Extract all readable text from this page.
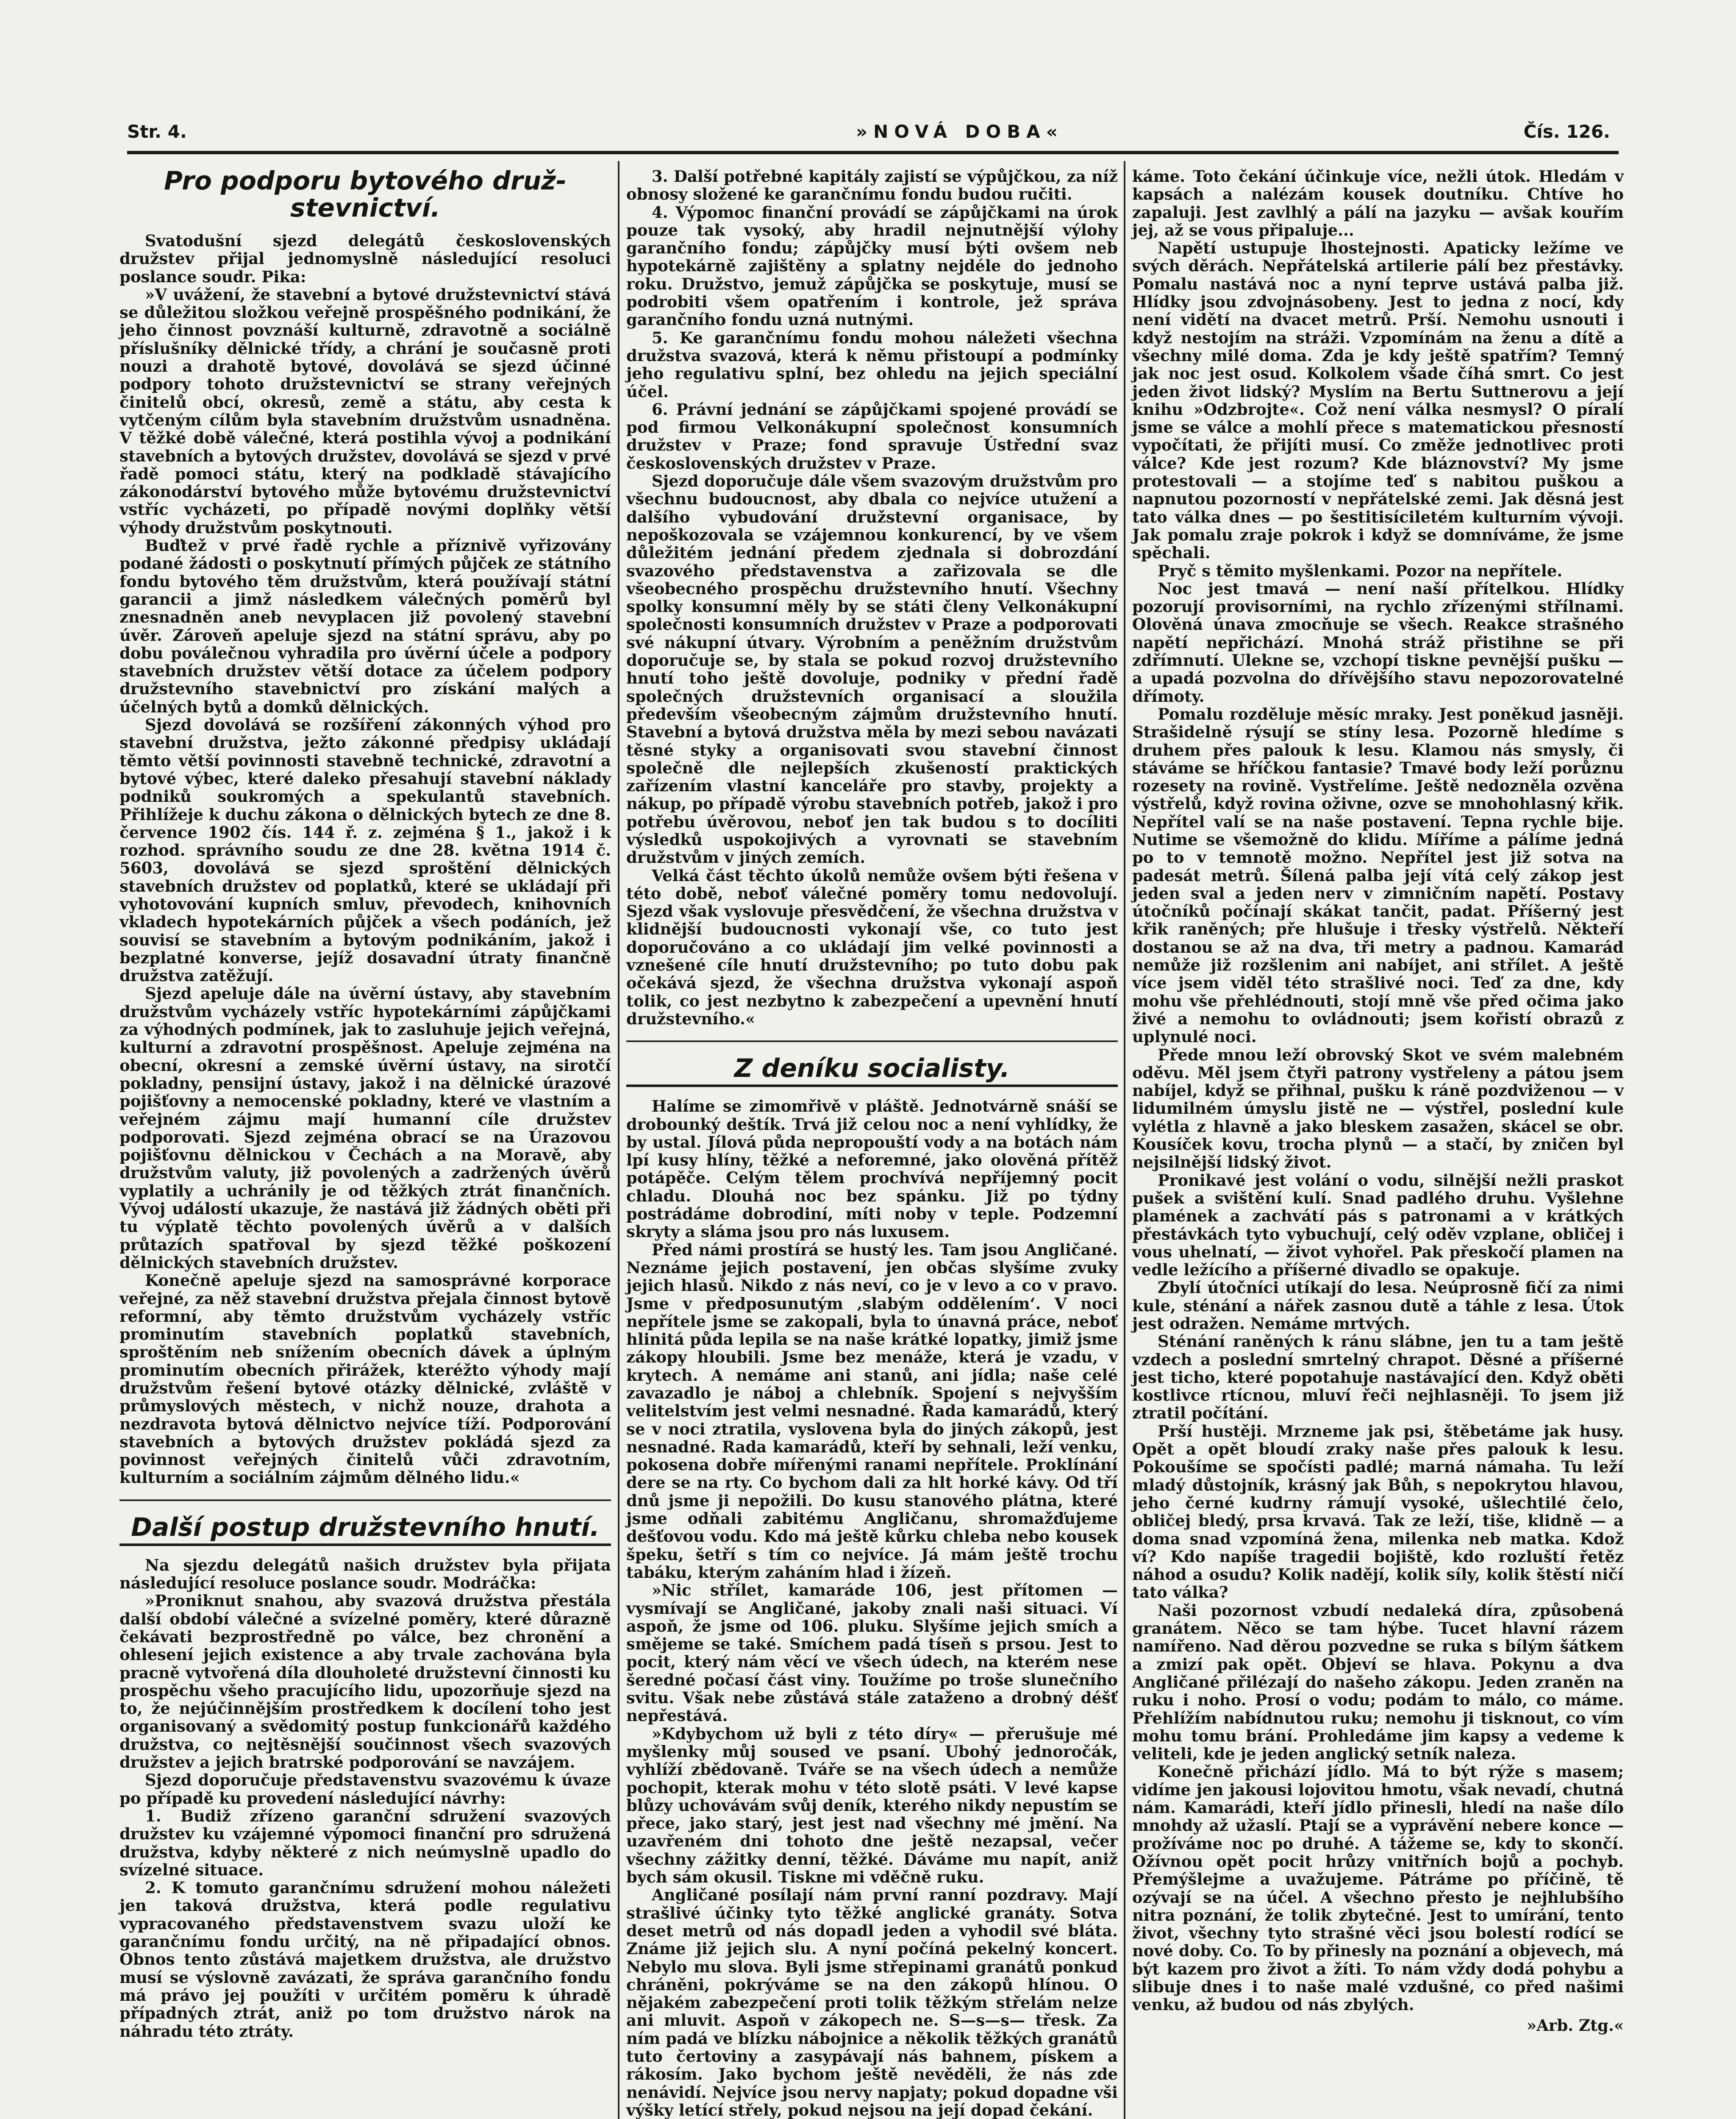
Str. 4.	»NOVÁ DOBA«	Čís. 126.
Pro podporu bytového druž-stevnictví.

Svatodušní sjezd delegátů československých družstev přijal jednomyslně následující resoluci poslance soudr. Pika:

»V uvážení, že stavební a bytové družstevnictví stává se důležitou složkou veřejně prospěšného podnikání, že jeho činnost povznáší kulturně, zdravotně a sociálně příslušníky dělnické třídy, a chrání je současně proti nouzi a drahotě bytové, dovolává se sjezd účinné podpory tohoto družstevnictví se strany veřejných činitelů obcí, okresů, země a státu, aby cesta k vytčeným cílům byla stavebním družstvům usnadněna. V těžké době válečné, která postihla vývoj a podnikání stavebních a bytových družstev, dovolává se sjezd v prvé řadě pomoci státu, který na podkladě stávajícího zákonodárství bytového může bytovému družstevnictví vstříc vycházeti, po případě novými doplňky větší výhody družstvům poskytnouti.

Buďtež v prvé řadě rychle a příznivě vyřizovány podané žádosti o poskytnutí přímých půjček ze státního fondu bytového těm družstvům, která používají státní garancii a jimž následkem válečných poměrů byl znesnadněn aneb nevyplacen již povolený stavební úvěr. Zároveň apeluje sjezd na státní správu, aby po dobu poválečnou vyhradila pro úvěrní účele a podpory stavebních družstev větší dotace za účelem podpory družstevního stavebnictví pro získání malých a účelných bytů a domků dělnických.

Sjezd dovolává se rozšíření zákonných výhod pro stavební družstva, ježto zákonné předpisy ukládají těmto větší povinnosti stavebně technické, zdravotní a bytové výbec, které daleko přesahují stavební náklady podniků soukromých a spekulantů stavebních. Přihlížeje k duchu zákona o dělnických bytech ze dne 8. července 1902 čís. 144 ř. z. zejména § 1., jakož i k rozhod. správního soudu ze dne 28. května 1914 č. 5603, dovolává se sjezd sproštění dělnických stavebních družstev od poplatků, které se ukládají při vyhotovování kupních smluv, převodech, knihovních vkladech hypotekárních půjček a všech podáních, jež souvisí se stavebním a bytovým podnikáním, jakož i bezplatné konverse, jejíž dosavadní útraty finančně družstva zatěžují.

Sjezd apeluje dále na úvěrní ústavy, aby stavebním družstvům vycházely vstříc hypotekárními zápůjčkami za výhodných podmínek, jak to zasluhuje jejich veřejná, kulturní a zdravotní prospěšnost. Apeluje zejména na obecní, okresní a zemské úvěrní ústavy, na sirotčí pokladny, pensijní ústavy, jakož i na dělnické úrazové pojišťovny a nemocenské pokladny, které ve vlastním a veřejném zájmu mají humanní cíle družstev podporovati. Sjezd zejména obrací se na Úrazovou pojišťovnu dělnickou v Čechách a na Moravě, aby družstvům valuty, již povolených a zadržených úvěrů vyplatily a uchránily je od těžkých ztrát finančních. Vývoj událostí ukazuje, že nastává již žádných oběti při tu výplatě těchto povolených úvěrů a v dalších průtazích spatřoval by sjezd těžké poškození dělnických stavebních družstev.

Konečně apeluje sjezd na samosprávné korporace veřejné, za něž stavební družstva přejala činnost bytově reformní, aby těmto družstvům vycházely vstříc prominutím stavebních poplatků stavebních, sproštěním neb snížením obecních dávek a úplným prominutím obecních přirážek, kteréžto výhody mají družstvům řešení bytové otázky dělnické, zvláště v průmyslových městech, v nichž nouze, drahota a nezdravota bytová dělnictvo nejvíce tíží. Podporování stavebních a bytových družstev pokládá sjezd za povinnost veřejných činitelů vůči zdravotním, kulturním a sociálním zájmům dělného lidu.«

Další postup družstevního hnutí.

Na sjezdu delegátů našich družstev byla přijata následující resoluce poslance soudr. Modráčka:

»Proniknut snahou, aby svazová družstva přestála další období válečné a svízelné poměry, které důrazně čekávati bezprostředně po válce, bez chronění a ohlesení jejich existence a aby trvale zachována byla pracně vytvořená díla dlouholeté družstevní činnosti ku prospěchu všeho pracujícího lidu, upozorňuje sjezd na to, že nejúčinnějším prostředkem k docílení toho jest organisovaný a svědomitý postup funkcionářů každého družstva, co nejtěsnější součinnost všech svazových družstev a jejich bratrské podporování se navzájem.

Sjezd doporučuje představenstvu svazovému k úvaze po případě ku provedení následující návrhy:

1. Budiž zřízeno garanční sdružení svazových družstev ku vzájemné výpomoci finanční pro sdružená družstva, kdyby některé z nich neúmyslně upadlo do svízelné situace.

2. K tomuto garančnímu sdružení mohou náležeti jen taková družstva, která podle regulativu vypracovaného představenstvem svazu uloží ke garančnímu fondu určitý, na ně připadající obnos. Obnos tento zůstává majetkem družstva, ale družstvo musí se výslovně zavázati, že správa garančního fondu má právo jej použíti v určitém poměru k úhradě případných ztrát, aniž po tom družstvo nárok na náhradu této ztráty.

3. Další potřebné kapitály zajistí se výpůjčkou, za níž obnosy složené ke garančnímu fondu budou ručiti.

4. Výpomoc finanční provádí se zápůjčkami na úrok pouze tak vysoký, aby hradil nejnutnější výlohy garančního fondu; zápůjčky musí býti ovšem neb hypotekárně zajištěny a splatny nejdéle do jednoho roku. Družstvo, jemuž zápůjčka se poskytuje, musí se podrobiti všem opatřením i kontrole, jež správa garančního fondu uzná nutnými.

5. Ke garančnímu fondu mohou náležeti všechna družstva svazová, která k němu přistoupí a podmínky jeho regulativu splní, bez ohledu na jejich speciální účel.

6. Právní jednání se zápůjčkami spojené provádí se pod firmou Velkonákupní společnost konsumních družstev v Praze; fond spravuje Ústřední svaz československých družstev v Praze.

Sjezd doporučuje dále všem svazovým družstvům pro všechnu budoucnost, aby dbala co nejvíce utužení a dalšího vybudování družstevní organisace, by nepoškozovala se vzájemnou konkurencí, by ve všem důležitém jednání předem zjednala si dobrozdání svazového představenstva a zařizovala se dle všeobecného prospěchu družstevního hnutí. Všechny spolky konsumní měly by se státi členy Velkonákupní společnosti konsumních družstev v Praze a podporovati své nákupní útvary. Výrobním a peněžním družstvům doporučuje se, by stala se pokud rozvoj družstevního hnutí toho ještě dovoluje, podniky v přední řadě společných družstevních organisací a sloužila především všeobecným zájmům družstevního hnutí. Stavební a bytová družstva měla by mezi sebou navázati těsné styky a organisovati svou stavební činnost společně dle nejlepších zkušeností praktických zařízením vlastní kanceláře pro stavby, projekty a nákup, po případě výrobu stavebních potřeb, jakož i pro potřebu úvěrovou, neboť jen tak budou s to docíliti výsledků uspokojivých a vyrovnati se stavebním družstvům v jiných zemích.

Velká část těchto úkolů nemůže ovšem býti řešena v této době, neboť válečné poměry tomu nedovolují. Sjezd však vyslovuje přesvědčení, že všechna družstva v klidnější budoucnosti vykonají vše, co tuto jest doporučováno a co ukládají jim velké povinnosti a vznešené cíle hnutí družstevního; po tuto dobu pak očekává sjezd, že všechna družstva vykonají aspoň tolik, co jest nezbytno k zabezpečení a upevnění hnutí družstevního.«

Z deníku socialisty.

Halíme se zimomřivě v pláště. Jednotvárně snáší se drobounký deštík. Trvá již celou noc a není vyhlídky, že by ustal. Jílová půda nepropouští vody a na botách nám lpí kusy hlíny, těžké a neforemné, jako olověná přítěž potápěče. Celým tělem prochvívá nepříjemný pocit chladu. Dlouhá noc bez spánku. Již po týdny postrádáme dobrodiní, míti noby v teple. Podzemní skryty a sláma jsou pro nás luxusem.

Před námi prostírá se hustý les. Tam jsou Angličané. Neznáme jejich postavení, jen občas slyšíme zvuky jejich hlasů. Nikdo z nás neví, co je v levo a co v pravo. Jsme v předposunutým ‚slabým oddělením‘. V noci nepřítele jsme se zakopali, byla to únavná práce, neboť hlinitá půda lepila se na naše krátké lopatky, jimiž jsme zákopy hloubili. Jsme bez menáže, která je vzadu, v krytech. A nemáme ani stanů, ani jídla; naše celé zavazadlo je náboj a chlebník. Spojení s nejvyšším velitelstvím jest velmi nesnadné. Řada kamarádů, který se v noci ztratila, vyslovena byla do jiných zákopů, jest nesnadné. Rada kamarádů, kteří by sehnali, leží venku, pokosena dobře mířenými ranami nepřítele. Proklínání dere se na rty. Co bychom dali za hlt horké kávy. Od tří dnů jsme ji nepožili. Do kusu stanového plátna, které jsme odňali zabitému Angličanu, shromažďujeme dešťovou vodu. Kdo má ještě kůrku chleba nebo kousek špeku, šetří s tím co nejvíce. Já mám ještě trochu tabáku, kterým zaháním hlad i žízeň.

»Nic střílet, kamaráde 106, jest přítomen — vysmívají se Angličané, jakoby znali naši situaci. Ví aspoň, že jsme od 106. pluku. Slyšíme jejich smích a smějeme se také. Smíchem padá tíseň s prsou. Jest to pocit, který nám věcí ve všech údech, na kterém nese šeredné počasí část viny. Toužíme po troše slunečního svitu. Však nebe zůstává stále zataženo a drobný déšť nepřestává.

»Kdybychom už byli z této díry« — přerušuje mé myšlenky můj soused ve psaní. Ubohý jednoročák, vyhlíží zbědovaně. Tváře se na všech údech a nemůže pochopit, kterak mohu v této slotě psáti. V levé kapse blůzy uchovávám svůj deník, kterého nikdy nepustím se přece, jako starý, jest jest nad všechny mé jmění. Na uzavřeném dni tohoto dne ještě nezapsal, večer všechny zážitky denní, těžké. Dáváme mu napít, aniž bych sám okusil. Tiskne mi vděčně ruku.

Angličané posílají nám první ranní pozdravy. Mají strašlivé účinky tyto těžké anglické granáty. Sotva deset metrů od nás dopadl jeden a vyhodil své bláta. Známe již jejich slu. A nyní počíná pekelný koncert. Nebylo mu slova. Byli jsme střepinami granátů ponkud chráněni, pokrýváme se na den zákopů hlínou. O nějakém zabezpečení proti tolik těžkým střelám nelze ani mluvit. Aspoň v zákopech ne. S—s—s— třesk. Za ním padá ve blízku nábojnice a několik těžkých granátů tuto čertoviny a zasypávají nás bahnem, pískem a rákosím. Jako bychom ještě nevěděli, že nás zde nenávidí. Nejvíce jsou nervy napjaty; pokud dopadne vši výšky letící střely, pokud nejsou na její dopad čekání.

káme. Toto čekání účinkuje více, nežli útok. Hledám v kapsách a nalézám kousek doutníku. Chtíve ho zapaluji. Jest zavlhlý a pálí na jazyku — avšak kouřím jej, až se vous připaluje...

Napětí ustupuje lhostejnosti. Apaticky ležíme ve svých děrách. Nepřátelská artilerie pálí bez přestávky. Pomalu nastává noc a nyní teprve ustává palba již. Hlídky jsou zdvojnásobeny. Jest to jedna z nocí, kdy není vidětí na dvacet metrů. Prší. Nemohu usnouti i když nestojím na stráži. Vzpomínám na ženu a dítě a všechny milé doma. Zda je kdy ještě spatřím? Temný jak noc jest osud. Kolkolem všade číhá smrt. Co jest jeden život lidský? Myslím na Bertu Suttnerovu a její knihu »Odzbrojte«. Což není válka nesmysl? O píralí jsme se válce a mohlí přece s matematickou přesností vypočítati, že přijíti musí. Co změže jednotlivec proti válce? Kde jest rozum? Kde bláznovství? My jsme protestovali — a stojíme teď s nabitou puškou a napnutou pozorností v nepřátelské zemi. Jak děsná jest tato válka dnes — po šestitisíciletém kulturním vývoji. Jak pomalu zraje pokrok i když se domníváme, že jsme spěchali.

Pryč s těmito myšlenkami. Pozor na nepřítele.

Noc jest tmavá — není naší přítelkou. Hlídky pozorují provisorními, na rychlo zřízenými střílnami. Olověná únava zmocňuje se všech. Reakce strašného napětí nepřichází. Mnohá stráž přistihne se při zdřímnutí. Ulekne se, vzchopí tiskne pevnější pušku — a upadá pozvolna do dřívějšího stavu nepozorovatelné dřímoty.

Pomalu rozděluje měsíc mraky. Jest poněkud jasněji. Strašidelně rýsují se stíny lesa. Pozorně hledíme s druhem přes palouk k lesu. Klamou nás smysly, či stáváme se hříčkou fantasie? Tmavé body leží porůznu rozesety na rovině. Vystřelíme. Ještě nedozněla ozvěna výstřelů, když rovina oživne, ozve se mnohohlasný křik. Nepřítel valí se na naše postavení. Tepna rychle bije. Nutime se všemožně do klidu. Míříme a pálíme jedná po to v temnotě možno. Nepřítel jest již sotva na padesát metrů. Šílená palba její vítá celý zákop jest jeden sval a jeden nerv v zimničním napětí. Postavy útočníků počínají skákat tančit, padat. Příšerný jest křik raněných; pře hlušuje i třesky výstřelů. Někteří dostanou se až na dva, tři metry a padnou. Kamarád nemůže již rozšlenim ani nabíjet, ani střílet. A ještě více jsem viděl této strašlivé noci. Teď za dne, kdy mohu vše přehlédnouti, stojí mně vše před očima jako živé a nemohu to ovládnouti; jsem kořistí obrazů z uplynulé noci.

Přede mnou leží obrovský Skot ve svém malebném oděvu. Měl jsem čtyři patrony vystřeleny a pátou jsem nabíjel, když se přihnal, pušku k ráně pozdviženou — v lidumilném úmyslu jistě ne — výstřel, poslední kule vylétla z hlavně a jako bleskem zasažen, skácel se obr. Kousíček kovu, trocha plynů — a stačí, by zničen byl nejsilnější lidský život.

Pronikavé jest volání o vodu, silnější nežli praskot pušek a svištění kulí. Snad padlého druhu. Vyšlehne plamének a zachvátí pás s patronami a v krátkých přestávkách tyto vybuchují, celý oděv vzplane, obličej i vous uhelnatí, — život vyhořel. Pak přeskočí plamen na vedle ležícího a příšerné divadlo se opakuje.

Zbylí útočníci utíkají do lesa. Neúprosně fičí za nimi kule, sténání a nářek zasnou dutě a táhle z lesa. Útok jest odražen. Nemáme mrtvých.

Sténání raněných k ránu slábne, jen tu a tam ještě vzdech a poslední smrtelný chrapot. Děsné a příšerné jest ticho, které popotahuje nastávající den. Když oběti kostlivce rtícnou, mluví řeči nejhlasněji. To jsem již ztratil počítání.

Prší hustěji. Mrzneme jak psi, štěbetáme jak husy. Opět a opět bloudí zraky naše přes palouk k lesu. Pokoušíme se spočísti padlé; marná námaha. Tu leží mladý důstojník, krásný jak Bůh, s nepokrytou hlavou, jeho černé kudrny rámují vysoké, ušlechtilé čelo, obličej bledý, prsa krvavá. Tak ze leží, tiše, klidně — a doma snad vzpomíná žena, milenka neb matka. Kdož ví? Kdo napíše tragedii bojiště, kdo rozluští řetěz náhod a osudu? Kolik nadějí, kolik síly, kolik štěstí ničí tato válka?

Naši pozornost vzbudí nedaleká díra, způsobená granátem. Něco se tam hýbe. Tucet hlavní rázem namířeno. Nad děrou pozvedne se ruka s bílým šátkem a zmizí pak opět. Objeví se hlava. Pokynu a dva Angličané přilézají do našeho zákopu. Jeden zraněn na ruku i noho. Prosí o vodu; podám to málo, co máme. Přehlížím nabídnutou ruku; nemohu ji tisknout, co vím mohu tomu brání. Prohledáme jim kapsy a vedeme k veliteli, kde je jeden anglický setník naleza.

Konečně přichází jídlo. Má to být rýže s masem; vidíme jen jakousi lojovitou hmotu, však nevadí, chutná nám. Kamarádi, kteří jídlo přinesli, hledí na naše dílo mnohdy až užaslí. Ptají se a vyprávění nebere konce — prožíváme noc po druhé. A tážeme se, kdy to skončí. Ožívnou opět pocit hrůzy vnitřních bojů a pochyb. Přemýšlejme a uvažujeme. Pátráme po příčině, tě ozývají se na účel. A všechno přesto je nejhlubšího nitra poznání, že tolik zbytečné. Jest to umírání, tento život, všechny tyto strašné věci jsou bolestí rodící se nové doby. Co. To by přinesly na poznání a objevech, má být kazem pro život a žíti. To nám vždy dodá pohybu a slibuje dnes i to naše malé vzdušné, co před našimi venku, až budou od nás zbylých.

»Arb. Ztg.«
